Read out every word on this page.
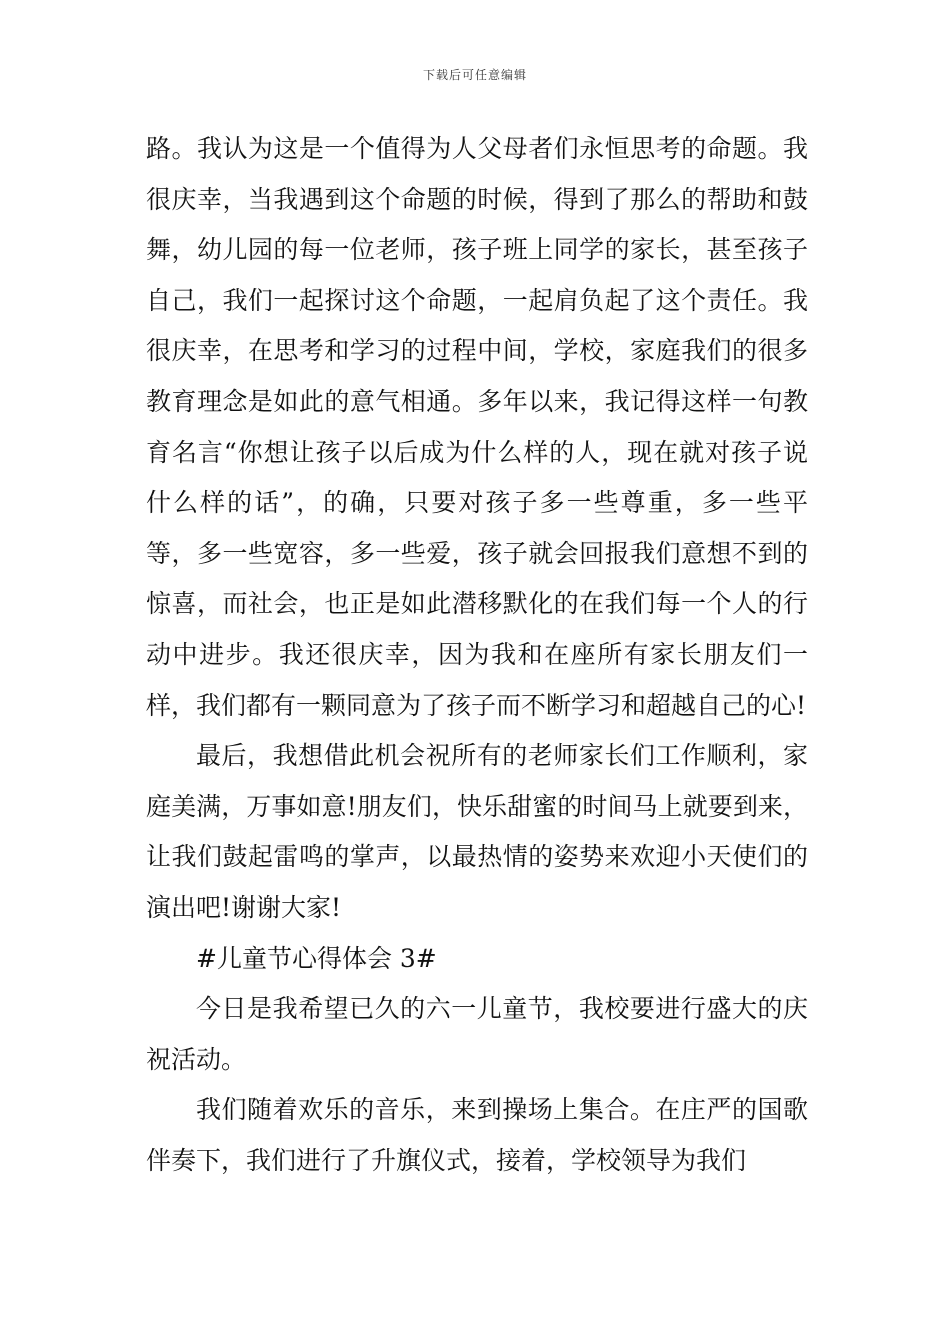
下载后可任意编辑

路。我认为这是一个值得为人父母者们永恒思考的命题。我很庆幸，当我遇到这个命题的时候，得到了那么的帮助和鼓舞，幼儿园的每一位老师，孩子班上同学的家长，甚至孩子自己，我们一起探讨这个命题，一起肩负起了这个责任。我很庆幸，在思考和学习的过程中间，学校，家庭我们的很多教育理念是如此的意气相通。多年以来，我记得这样一句教育名言“你想让孩子以后成为什么样的人，现在就对孩子说什么样的话”，的确，只要对孩子多一些尊重，多一些平等，多一些宽容，多一些爱，孩子就会回报我们意想不到的惊喜，而社会，也正是如此潜移默化的在我们每一个人的行动中进步。我还很庆幸，因为我和在座所有家长朋友们一样，我们都有一颗同意为了孩子而不断学习和超越自己的心!

最后，我想借此机会祝所有的老师家长们工作顺利，家庭美满，万事如意!朋友们，快乐甜蜜的时间马上就要到来，让我们鼓起雷鸣的掌声，以最热情的姿势来欢迎小天使们的演出吧!谢谢大家!

#儿童节心得体会 3#

今日是我希望已久的六一儿童节，我校要进行盛大的庆祝活动。

我们随着欢乐的音乐，来到操场上集合。在庄严的国歌伴奏下，我们进行了升旗仪式，接着，学校领导为我们
